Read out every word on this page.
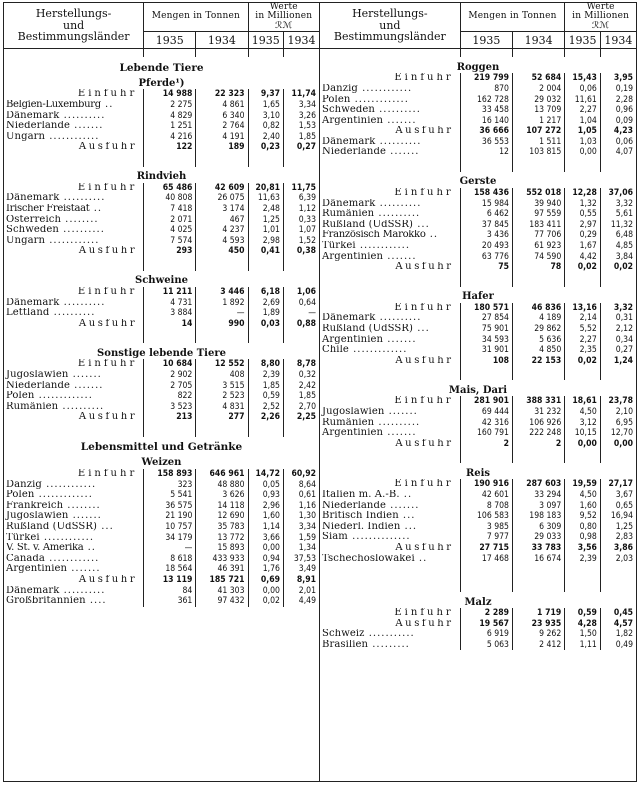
Herstellungs-
und
Bestimmungsländer	Mengen in Tonnen		Werte
in Millionen ℛℳ	
	1935	1934	1935	1934

Lebende Tiere				
Pferde¹)				
Einfuhr	14 988	22 323	9,37	11,74
Belgien-Luxemburg ..	2 275	4 861	1,65	3,34
Dänemark ..........	4 829	6 340	3,10	3,26
Niederlande .......	1 251	2 764	0,82	1,53
Ungarn ............	4 216	4 191	2,40	1,85
Ausfuhr	122	189	0,23	0,27

Rindvieh				
Einfuhr	65 486	42 609	20,81	11,75
Dänemark ..........	40 808	26 075	11,63	6,39
Irischer Freistaat ..	7 418	3 174	2,48	1,12
Österreich ........	2 071	467	1,25	0,33
Schweden ..........	4 025	4 237	1,01	1,07
Ungarn ............	7 574	4 593	2,98	1,52
Ausfuhr	293	450	0,41	0,38

Schweine				
Einfuhr	11 211	3 446	6,18	1,06
Dänemark ..........	4 731	1 892	2,69	0,64
Lettland ..........	3 884	—	1,89	—
Ausfuhr	14	990	0,03	0,88

Sonstige lebende Tiere				
Einfuhr	10 684	12 552	8,80	8,78
Jugoslawien .......	2 902	408	2,39	0,32
Niederlande .......	2 705	3 515	1,85	2,42
Polen .............	822	2 523	0,59	1,85
Rumänien ..........	3 523	4 831	2,52	2,70
Ausfuhr	213	277	2,26	2,25

Lebensmittel und Getränke				
Weizen				
Einfuhr	158 893	646 961	14,72	60,92
Danzig ............	323	48 880	0,05	8,64
Polen .............	5 541	3 626	0,93	0,61
Frankreich ........	36 575	14 118	2,96	1,16
Jugoslawien .......	21 190	12 690	1,60	1,30
Rußland (UdSSR) ...	10 757	35 783	1,14	3,34
Türkei ............	34 179	13 772	3,66	1,59
V. St. v. Amerika ..	—	15 893	0,00	1,34
Canada ............	8 618	433 933	0,94	37,53
Argentinien .......	18 564	46 391	1,76	3,49
Ausfuhr	13 119	185 721	0,69	8,91
Dänemark ..........	84	41 303	0,00	2,01
Großbritannien ....	361	97 432	0,02	4,49
Herstellungs-
und
Bestimmungsländer	Mengen in Tonnen		Werte
in Millionen ℛℳ	
	1935	1934	1935	1934

Roggen				
Einfuhr	219 799	52 684	15,43	3,95
Danzig ............	870	2 004	0,06	0,19
Polen .............	162 728	29 032	11,61	2,28
Schweden ..........	33 458	13 709	2,27	0,96
Argentinien .......	16 140	1 217	1,04	0,09
Ausfuhr	36 666	107 272	1,05	4,23
Dänemark ..........	36 553	1 511	1,03	0,06
Niederlande .......	12	103 815	0,00	4,07

Gerste				
Einfuhr	158 436	552 018	12,28	37,06
Dänemark ..........	15 984	39 940	1,32	3,32
Rumänien ..........	6 462	97 559	0,55	5,61
Rußland (UdSSR) ...	37 845	183 411	2,97	11,32
Französisch Marokko ..	3 436	77 706	0,29	6,48
Türkei ............	20 493	61 923	1,67	4,85
Argentinien .......	63 776	74 590	4,42	3,84
Ausfuhr	75	78	0,02	0,02

Hafer				
Einfuhr	180 571	46 836	13,16	3,32
Dänemark ..........	27 854	4 189	2,14	0,31
Rußland (UdSSR) ...	75 901	29 862	5,52	2,12
Argentinien .......	34 593	5 636	2,27	0,34
Chile .............	31 901	4 850	2,35	0,27
Ausfuhr	108	22 153	0,02	1,24

Mais, Dari				
Einfuhr	281 901	388 331	18,61	23,78
Jugoslawien .......	69 444	31 232	4,50	2,10
Rumänien ..........	42 316	106 926	3,12	6,95
Argentinien .......	160 791	222 248	10,15	12,70
Ausfuhr	2	2	0,00	0,00

Reis				
Einfuhr	190 916	287 603	19,59	27,17
Italien m. A.-B. ..	42 601	33 294	4,50	3,67
Niederlande .......	8 708	3 097	1,60	0,65
Britisch Indien ...	106 583	198 183	9,52	16,94
Niederl. Indien ...	3 985	6 309	0,80	1,25
Siam ..............	7 977	29 033	0,98	2,83
Ausfuhr	27 715	33 783	3,56	3,86
Tschechoslowakei ..	17 468	16 674	2,39	2,03

Malz				
Einfuhr	2 289	1 719	0,59	0,45
Ausfuhr	19 567	23 935	4,28	4,57
Schweiz ...........	6 919	9 262	1,50	1,82
Brasilien .........	5 063	2 412	1,11	0,49
